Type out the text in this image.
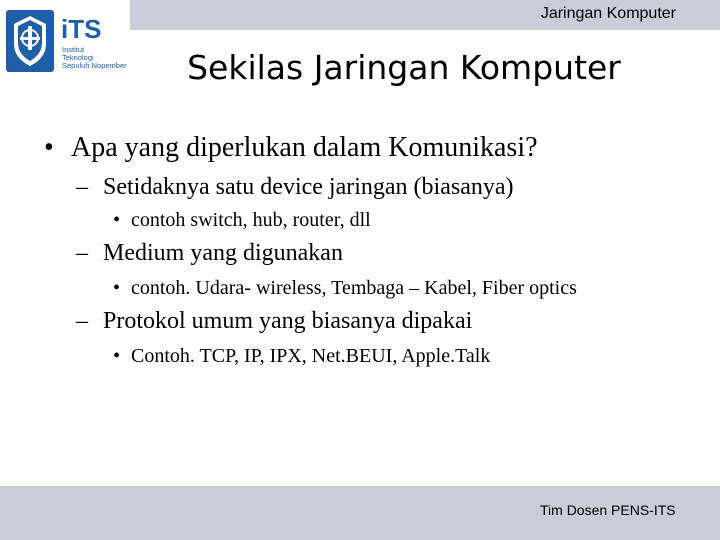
Jaringan Komputer
iTS
Institut
Teknologi
Sepuluh Nopember	Sekilas Jaringan Komputer
• Apa yang diperlukan dalam Komunikasi?
– Setidaknya satu device jaringan (biasanya)
• contoh switch, hub, router, dll
– Medium yang digunakan
• contoh. Udara- wireless, Tembaga – Kabel, Fiber optics
– Protokol umum yang biasanya dipakai
• Contoh. TCP, IP, IPX, Net.BEUI, Apple.Talk
Tim Dosen PENS-ITS
